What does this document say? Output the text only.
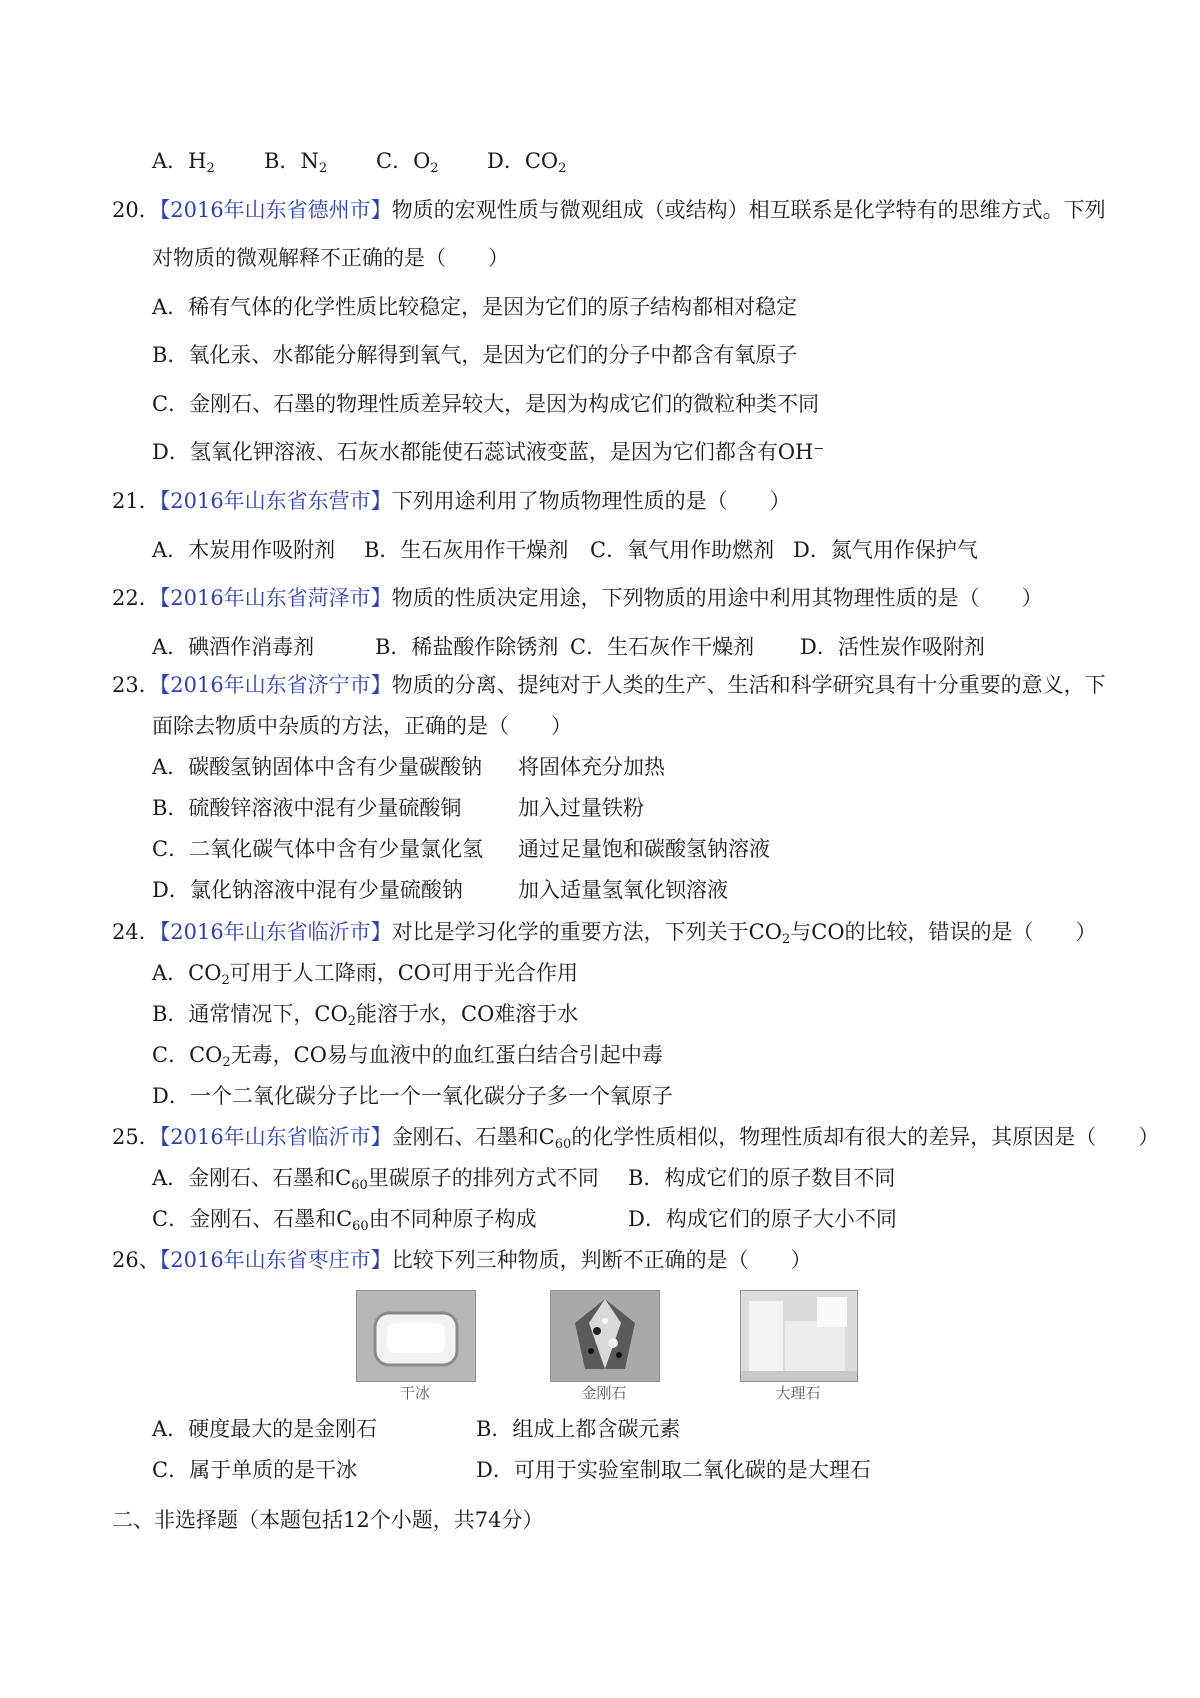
A．$H_2$ B．$N_2$ C．$O_2$ D．$CO_2$
20．【2016年山东省德州市】物质的宏观性质与微观组成（或结构）相互联系是化学特有的思维方式。下列
对物质的微观解释不正确的是（　　）
A．稀有气体的化学性质比较稳定，是因为它们的原子结构都相对稳定
B．氧化汞、水都能分解得到氧气，是因为它们的分子中都含有氧原子
C．金刚石、石墨的物理性质差异较大，是因为构成它们的微粒种类不同
D．氢氧化钾溶液、石灰水都能使石蕊试液变蓝，是因为它们都含有OH⁻
21．【2016年山东省东营市】下列用途利用了物质物理性质的是（　　）
A．木炭用作吸附剂 B．生石灰用作干燥剂 C．氧气用作助燃剂 D．氮气用作保护气
22．【2016年山东省菏泽市】物质的性质决定用途，下列物质的用途中利用其物理性质的是（　　）
A．碘酒作消毒剂	B．稀盐酸作除锈剂 C．生石灰作干燥剂 D．活性炭作吸附剂
23．【2016年山东省济宁市】物质的分离、提纯对于人类的生产、生活和科学研究具有十分重要的意义，下
面除去物质中杂质的方法，正确的是（　　）
A．碳酸氢钠固体中含有少量碳酸钠 将固体充分加热
B．硫酸锌溶液中混有少量硫酸铜	加入过量铁粉
C．二氧化碳气体中含有少量氯化氢 通过足量饱和碳酸氢钠溶液
D．氯化钠溶液中混有少量硫酸钠	加入适量氢氧化钡溶液
24．【2016年山东省临沂市】对比是学习化学的重要方法，下列关于$CO_2$与CO的比较，错误的是（　　）
A．$CO_2$可用于人工降雨，CO可用于光合作用
B．通常情况下，$CO_2$能溶于水，CO难溶于水
C．$CO_2$无毒，CO易与血液中的血红蛋白结合引起中毒
D．一个二氧化碳分子比一个一氧化碳分子多一个氧原子
25．【2016年山东省临沂市】金刚石、石墨和$C_{60}$的化学性质相似，物理性质却有很大的差异，其原因是（　　）
A．金刚石、石墨和$C_{60}$里碳原子的排列方式不同 B．构成它们的原子数目不同
C．金刚石、石墨和$C_{60}$由不同种原子构成	D．构成它们的原子大小不同
26、【2016年山东省枣庄市】比较下列三种物质，判断不正确的是（　　）
干冰	金刚石	大理石
A．硬度最大的是金刚石	B．组成上都含碳元素
C．属于单质的是干冰	D．可用于实验室制取二氧化碳的是大理石
二、非选择题（本题包括12个小题，共74分）
